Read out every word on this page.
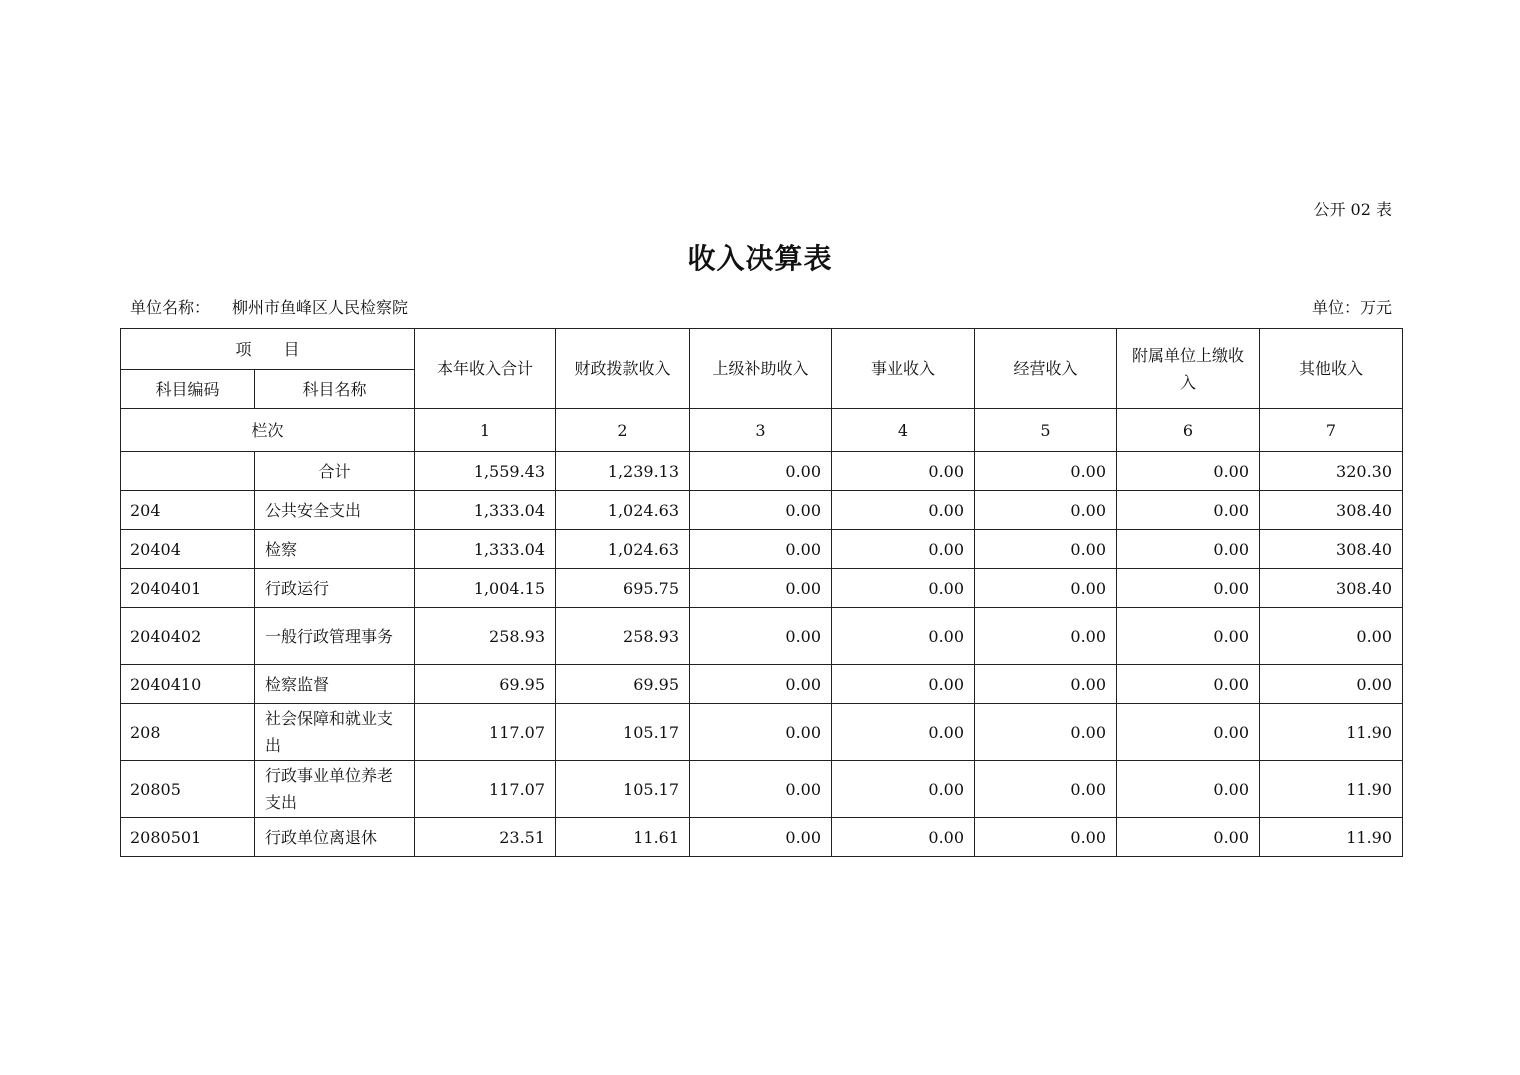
公开 02 表
收入决算表
单位名称： 柳州市鱼峰区人民检察院	单位：万元
项　　目		本年收入合计	财政拨款收入	上级补助收入	事业收入	经营收入	附属单位上缴收入	其他收入
科目编码	科目名称							
栏次		1	2	3	4	5	6	7
	合计	1,559.43	1,239.13	0.00	0.00	0.00	0.00	320.30
204	公共安全支出	1,333.04	1,024.63	0.00	0.00	0.00	0.00	308.40
20404	检察	1,333.04	1,024.63	0.00	0.00	0.00	0.00	308.40
2040401	行政运行	1,004.15	695.75	0.00	0.00	0.00	0.00	308.40
2040402	一般行政管理事务	258.93	258.93	0.00	0.00	0.00	0.00	0.00
2040410	检察监督	69.95	69.95	0.00	0.00	0.00	0.00	0.00
208	社会保障和就业支出	117.07	105.17	0.00	0.00	0.00	0.00	11.90
20805	行政事业单位养老支出	117.07	105.17	0.00	0.00	0.00	0.00	11.90
2080501	行政单位离退休	23.51	11.61	0.00	0.00	0.00	0.00	11.90
